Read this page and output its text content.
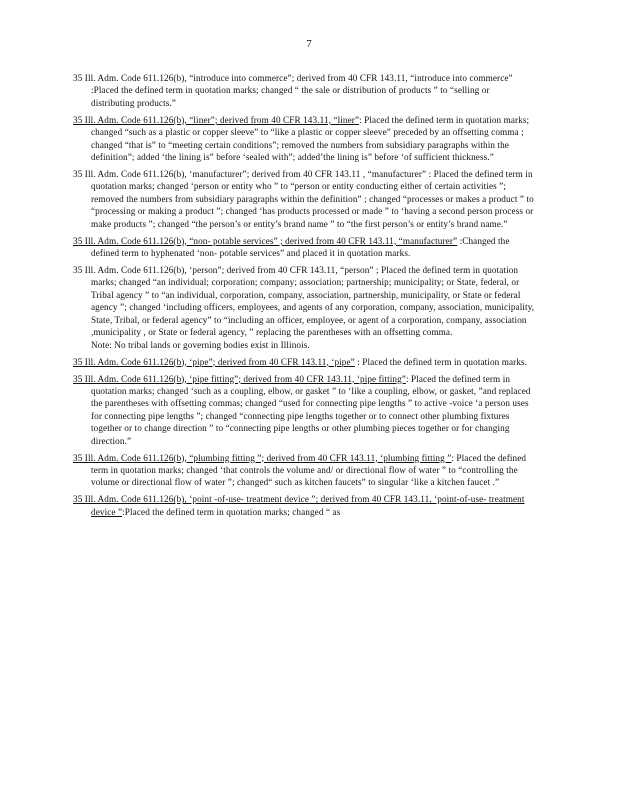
7

35 Ill. Adm. Code 611.126(b), “introduce into commerce”; derived from 40 CFR 143.11, “introduce into commerce” :Placed the defined term in quotation marks; changed “ the sale or distribution of products ” to “selling or distributing products.”

35 Ill. Adm. Code 611.126(b), “liner”; derived from 40 CFR 143.11, “liner”: Placed the defined term in quotation marks; changed “such as a plastic or copper sleeve” to “like a plastic or copper sleeve” preceded by an offsetting comma ; changed “that is” to “meeting certain conditions”; removed the numbers from subsidiary paragraphs within the definition”; added ‘the lining is” before ‘sealed with”; added’the lining is” before ‘of sufficient thickness.”

35 Ill. Adm. Code 611.126(b), ‘manufacturer”; derived from 40 CFR 143.11 , “manufacturer” : Placed the defined term in quotation marks; changed ‘person or entity who ” to “person or entity conducting either of certain activities ”; removed the numbers from subsidiary paragraphs within the definition” ; changed “processes or makes a product ” to “processing or making a product ”; changed ‘has products processed or made ” to ‘having a second person process or make products ”; changed “the person’s or entity’s brand name ” to “the first person’s or entity’s brand name.”

35 Ill. Adm. Code 611.126(b), “non- potable services” ; derived from 40 CFR 143.11, “manufacturer” :Changed the defined term to hyphenated ‘non- potable services” and placed it in quotation marks.

35 Ill. Adm. Code 611.126(b), ‘person”; derived from 40 CFR 143.11, “person” ; Placed the defined term in quotation marks; changed “an individual; corporation; company; association; partnership; municipality; or State, federal, or Tribal agency ” to “an individual, corporation, company, association, partnership, municipality, or State or federal agency ”; changed ‘including officers, employees, and agents of any corporation, company, association, municipality, State, Tribal, or federal agency” to “including an officer, employee, or agent of a corporation, company, association ,municipality , or State or federal agency, ” replacing the parentheses with an offsetting comma.
Note: No tribal lands or governing bodies exist in Illinois.

35 Ill. Adm. Code 611.126(b), ‘pipe”; derived from 40 CFR 143.11, ‘pipe” : Placed the defined term in quotation marks.

35 Ill. Adm. Code 611.126(b), ‘pipe fitting”; derived from 40 CFR 143.11, ‘pipe fitting”: Placed the defined term in quotation marks; changed ‘such as a coupling, elbow, or gasket ” to ‘like a coupling, elbow, or gasket, ”and replaced the parentheses with offsetting commas; changed “used for connecting pipe lengths ” to active -voice ‘a person uses for connecting pipe lengths ”; changed “connecting pipe lengths together or to connect other plumbing fixtures together or to change direction ” to “connecting pipe lengths or other plumbing pieces together or for changing direction.”

35 Ill. Adm. Code 611.126(b), “plumbing fitting ”; derived from 40 CFR 143.11, ‘plumbing fitting ”: Placed the defined term in quotation marks; changed ‘that controls the volume and/ or directional flow of water ” to “controlling the volume or directional flow of water ”; changed“ such as kitchen faucets” to singular ‘like a kitchen faucet .”

35 Ill. Adm. Code 611.126(b), ‘point -of-use- treatment device ”; derived from 40 CFR 143.11, ‘point-of-use- treatment device ”:Placed the defined term in quotation marks; changed “ as
